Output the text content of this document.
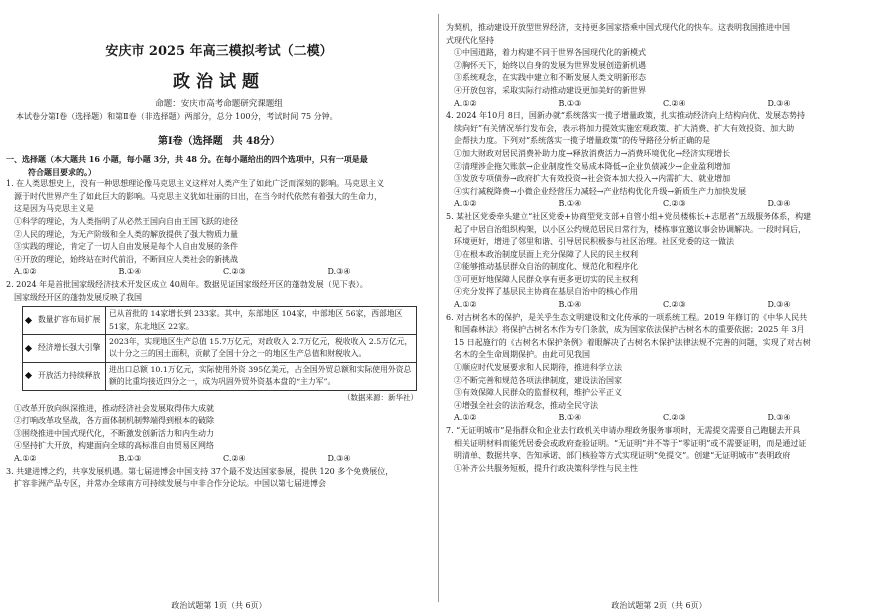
安庆市 2025 年高三模拟考试（二模）
政治试题
命题：安庆市高考命题研究课题组
本试卷分第Ⅰ卷（选择题）和第Ⅱ卷（非选择题）两部分，总分 100分，考试时间 75 分钟。
第Ⅰ卷（选择题　共 48分）

一、选择题（本大题共 16 小题，每小题 3分，共 48 分。在每小题给出的四个选项中，只有一项是最

符合题目要求的。）

1. 在人类思想史上，没有一种思想理论像马克思主义这样对人类产生了如此广泛而深刻的影响。马克思主义

源于时代世界产生了如此巨大的影响。马克思主义犹如壮丽的日出，在当今时代依然有着强大的生命力，

这是因为马克思主义是

①科学的理论，为人类指明了从必然王国向自由王国飞跃的途径

②人民的理论，为无产阶级和全人类的解放提供了强大物质力量

③实践的理论，肯定了一切人自由发展是每个人自由发展的条件

④开放的理论，始终站在时代前沿，不断回应人类社会的新挑战

A.①②	B.①④	C.②③	D.③④

2. 2024 年是首批国家级经济技术开发区成立 40周年。数据见证国家级经开区的蓬勃发展（见下表）。

国家级经开区的蓬勃发展反映了我国

数量扩容布局扩展	已从首批的 14家增长到 233家。其中，东部地区 104家，中部地区 56家，西部地区 51家，东北地区 22家。
经济增长强大引擎	2023年，实现地区生产总值 15.7万亿元，对政收入 2.7万亿元，税收收入 2.5万亿元，以十分之三的国土面积，贡献了全国十分之一的地区生产总值和财税收入。
开放活力持续释放	进出口总额 10.1万亿元，实际使用外资 395亿美元，占全国外贸总额和实际使用外资总额的比重均接近四分之一，成为巩固外贸外资基本盘的“主力军”。
（数据来源：新华社）

①改革开放向纵深推进，推动经济社会发展取得伟大成就

②打响改革攻坚战，各方面体制机制弊端得到根本的破除

③围绕推进中国式现代化，不断激发创新活力和内生动力

④坚持扩大开放，构建面向全球的高标准自由贸易区网络

A.①②	B.①③	C.②④	D.③④

3. 共建进博之约，共享发展机遇。第七届进博会中国支持 37个最不发达国家参展，提供 120 多个免费展位，

扩容非洲产品专区，并常办全球南方可持续发展与中非合作分论坛。中国以第七届进博会

政治试题第 1页（共 6页）

为契机，推动建设开放型世界经济，支持更多国家搭乘中国式现代化的快车。这表明我国推进中国

式现代化坚持

①中国道路，着力构建不同于世界各国现代化的新模式

②胸怀天下，始终以自身的发展为世界发展创造新机遇

③系统观念，在实践中建立和不断发展人类文明新形态

④开放包容，采取实际行动推动建设更加美好的新世界

A.①②	B.①③	C.②④	D.③④

4. 2024 年10月 8日，国新办就“系统落实一揽子增量政策，扎实推动经济向上结构向优、发展态势持

续向好”有关情况举行发布会，表示将加力提效实施宏观政策、扩大消费、扩大有效投资、加大助

企帮扶力度。下列对“系统落实一揽子增量政策”的传导路径分析正确的是

①加大财政对居民消费补助力度→释放消费活力→消费环境优化→经济实现增长

②清理涉企拖欠账款→企业制度性交易成本降低→企业负债减少→企业盈利增加

③发放专项债券→政府扩大有效投资→社会资本加大投入→内需扩大、就业增加

④实行减税降费→小微企业经营压力减轻→产业结构优化升级→新质生产力加快发展

A.①②	B.①④	C.②③	D.③④

5. 某社区党委牵头建立“社区党委+协商型党支部+自管小组+党员楼栋长+志愿者”五级服务体系，构建

起了中居自治组织构架，以小区公约规范居民日常行为，楼栋事宜邀议事会协调解决。一段时间后，

环境更好，增进了邻里和谐、引导居民积极参与社区治理。社区党委的这一做法

①在根本政治制度层面上充分保障了人民的民主权利

②能够推动基层群众自治的制度化、规范化和程序化

③可更好地保障人民群众享有更多更切实的民主权利

④充分发挥了基层民主协商在基层自治中的核心作用

A.①②	B.①④	C.②③	D.③④

6. 对古树名木的保护，是关乎生态文明建设和文化传承的一项系统工程。2019 年修订的《中华人民共

和国森林法》将保护古树名木作为专门条款，成为国家依法保护古树名木的重要依据；2025 年 3月

15 日起施行的《古树名木保护条例》着眼解决了古树名木保护法律法规不完善的问题，实现了对古树

名木的全生命周期保护。由此可见我国

①顺应时代发展要求和人民期待，推进科学立法

②不断完善和规范各项法律制度，建设法治国家

③有效保障人民群众的监督权利，维护公平正义

④增强全社会的法治观念，推动全民守法

A.①②	B.①④	C.②③	D.③④

7. “无证明城市”是指群众和企业去行政机关申请办理政务服务事项时，无需提交需要自己跑腿去开具

相关证明材料而能凭居委会或政府查验证明。“无证明”并不等于“零证明”或不需要证明，而是通过证

明清单、数据共享、告知承诺、部门核验等方式实现证明“免提交”。创建“无证明城市”表明政府

①补齐公共服务短板，提升行政决策科学性与民主性

政治试题第 2页（共 6页）
